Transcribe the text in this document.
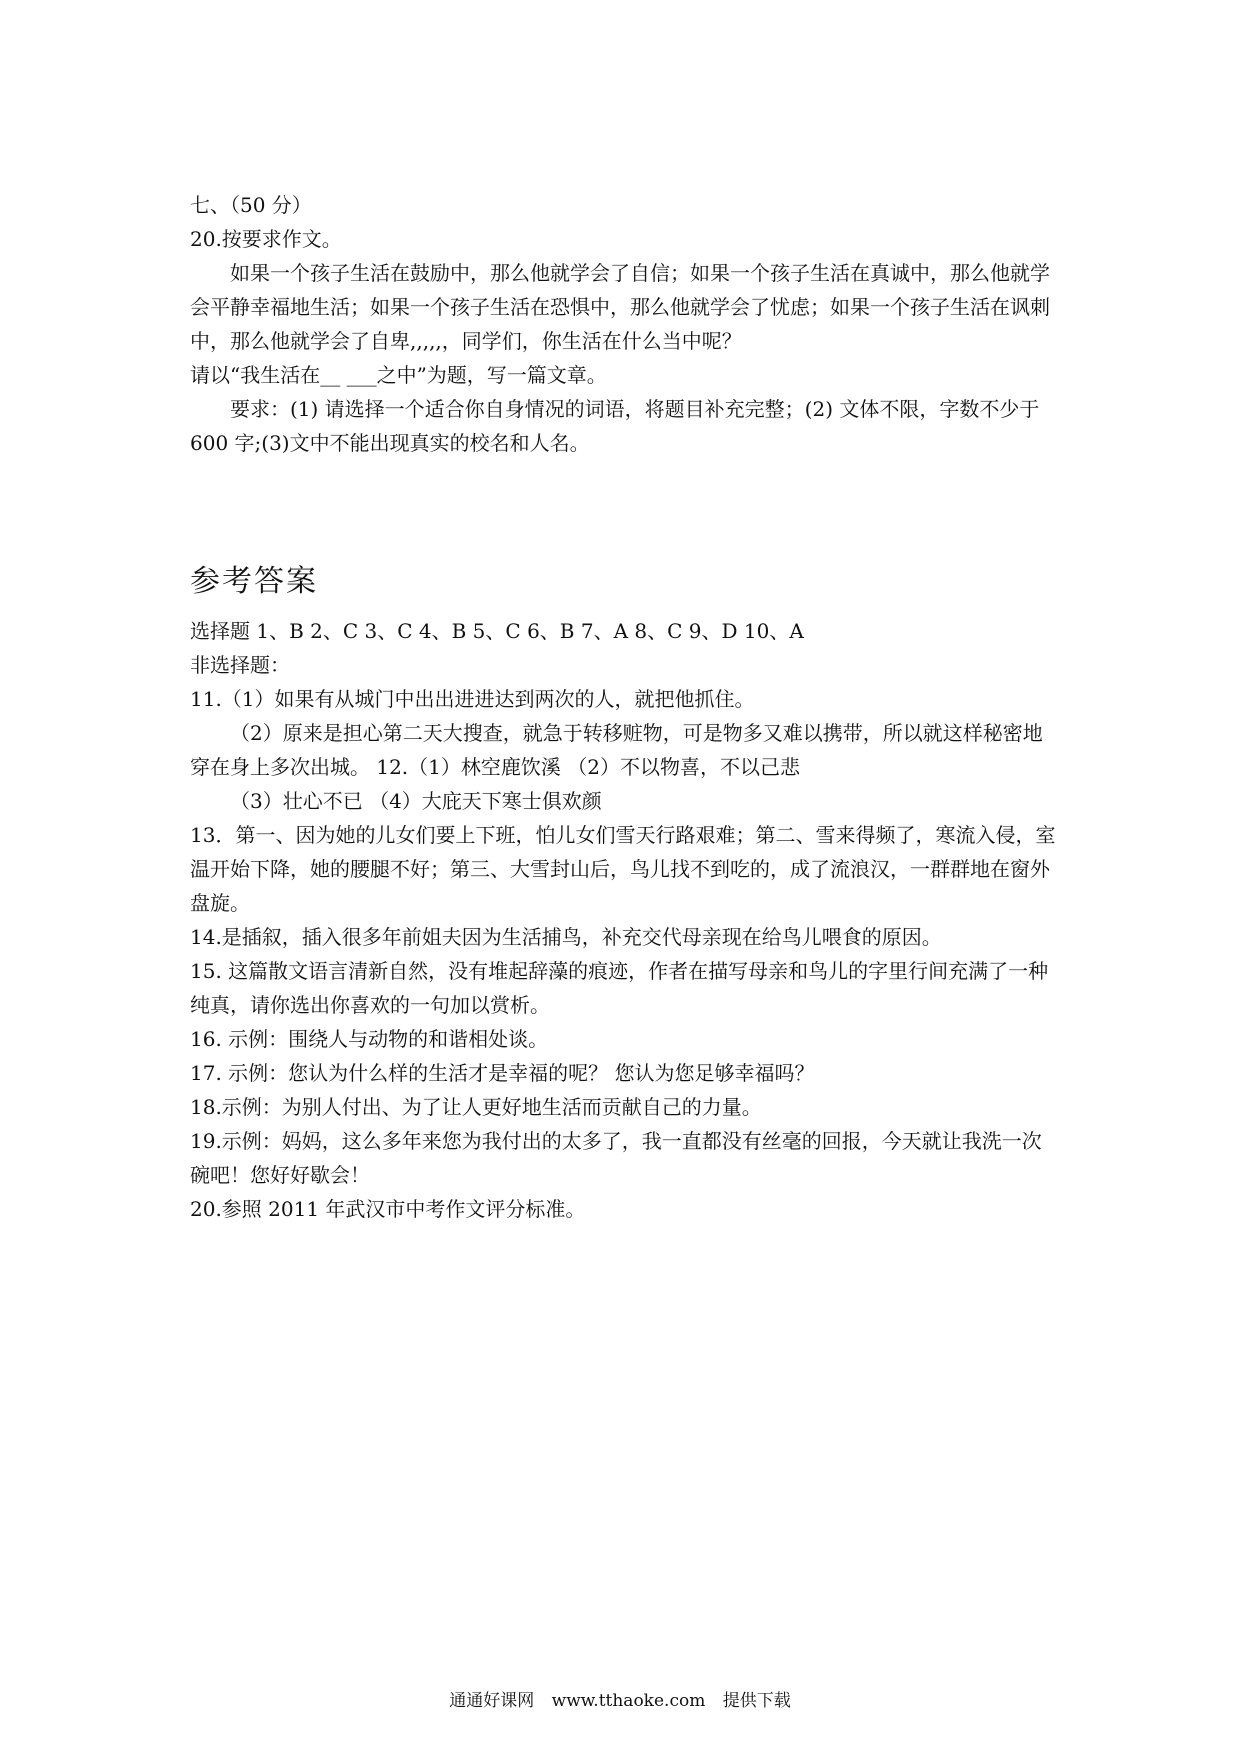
七、（50 分）
20.按要求作文。
如果一个孩子生活在鼓励中，那么他就学会了自信；如果一个孩子生活在真诚中，那么他就学会平静幸福地生活；如果一个孩子生活在恐惧中，那么他就学会了忧虑；如果一个孩子生活在讽刺中，那么他就学会了自卑,,,,,，同学们，你生活在什么当中呢？
请以“我生活在__ ___之中”为题，写一篇文章。
要求：(1) 请选择一个适合你自身情况的词语，将题目补充完整；(2) 文体不限，字数不少于 600 字;(3)文中不能出现真实的校名和人名。
参考答案
选择题 1、B 2、C 3、C 4、B 5、C 6、B 7、A 8、C 9、D 10、A
非选择题：
11.（1）如果有从城门中出出进进达到两次的人，就把他抓住。
（2）原来是担心第二天大搜查，就急于转移赃物，可是物多又难以携带，所以就这样秘密地穿在身上多次出城。 12.（1）林空鹿饮溪 （2）不以物喜，不以己悲
（3）壮心不已 （4）大庇天下寒士俱欢颜
13．第一、因为她的儿女们要上下班，怕儿女们雪天行路艰难；第二、雪来得频了，寒流入侵，室温开始下降，她的腰腿不好；第三、大雪封山后，鸟儿找不到吃的，成了流浪汉，一群群地在窗外盘旋。
14.是插叙，插入很多年前姐夫因为生活捕鸟，补充交代母亲现在给鸟儿喂食的原因。
15. 这篇散文语言清新自然，没有堆起辞藻的痕迹，作者在描写母亲和鸟儿的字里行间充满了一种纯真，请你选出你喜欢的一句加以赏析。
16. 示例：围绕人与动物的和谐相处谈。
17. 示例：您认为什么样的生活才是幸福的呢？ 您认为您足够幸福吗？
18.示例：为别人付出、为了让人更好地生活而贡献自己的力量。
19.示例：妈妈，这么多年来您为我付出的太多了，我一直都没有丝毫的回报，今天就让我洗一次碗吧！您好好歇会！
20.参照 2011 年武汉市中考作文评分标准。
通通好课网 www.tthaoke.com 提供下载
